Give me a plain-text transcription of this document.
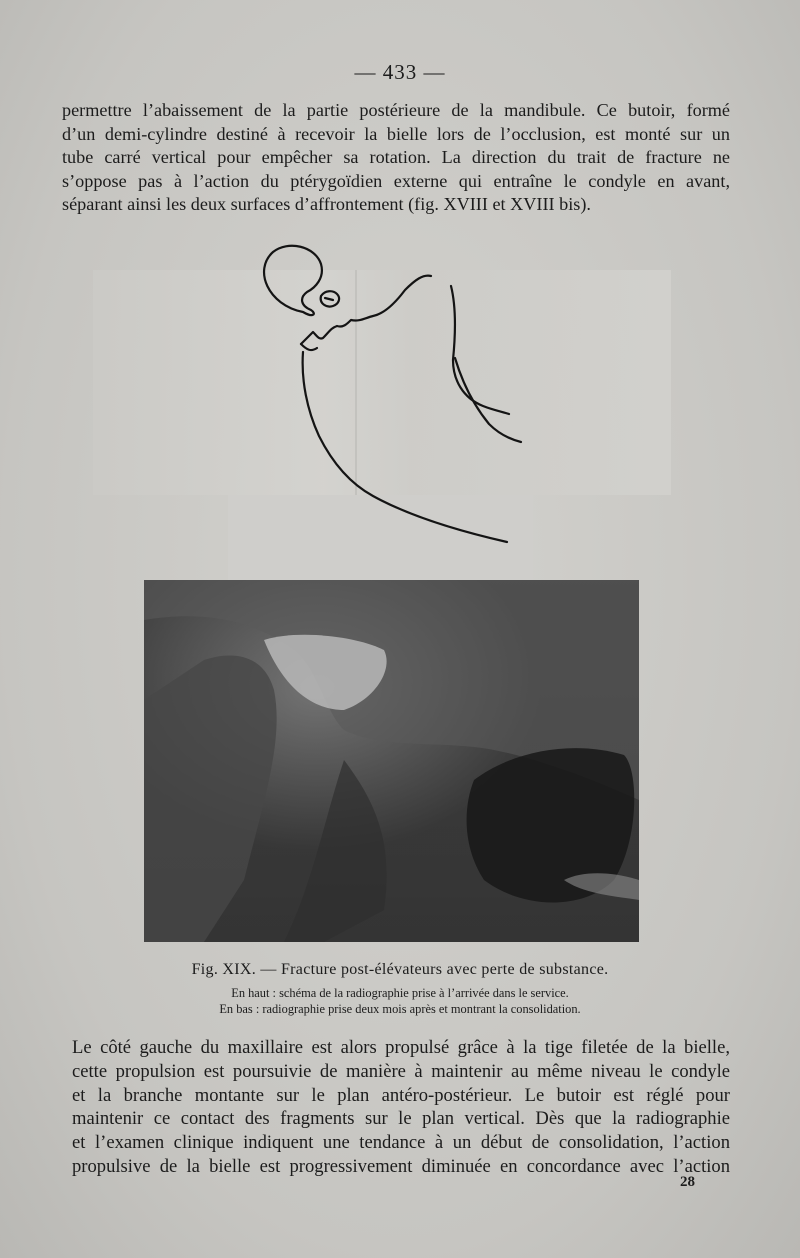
— 433 —
permettre l’abaissement de la partie postérieure de la mandibule. Ce butoir, formé
d’un demi-cylindre destiné à recevoir la bielle lors de l’occlusion, est monté sur un
tube carré vertical pour empêcher sa rotation. La direction du trait de fracture ne
s’oppose pas à l’action du ptérygoïdien externe qui entraîne le condyle en avant,
séparant ainsi les deux surfaces d’affrontement (fig. XVIII et XVIII bis).
Fig. XIX. — Fracture post-élévateurs avec perte de substance.
En haut : schéma de la radiographie prise à l’arrivée dans le service.
En bas : radiographie prise deux mois après et montrant la consolidation.
Le côté gauche du maxillaire est alors propulsé grâce à la tige filetée de la bielle,
cette propulsion est poursuivie de manière à maintenir au même niveau le condyle
et la branche montante sur le plan antéro-postérieur. Le butoir est réglé pour
maintenir ce contact des fragments sur le plan vertical. Dès que la radiographie
et l’examen clinique indiquent une tendance à un début de consolidation, l’action
propulsive de la bielle est progressivement diminuée en concordance avec l’action
28
